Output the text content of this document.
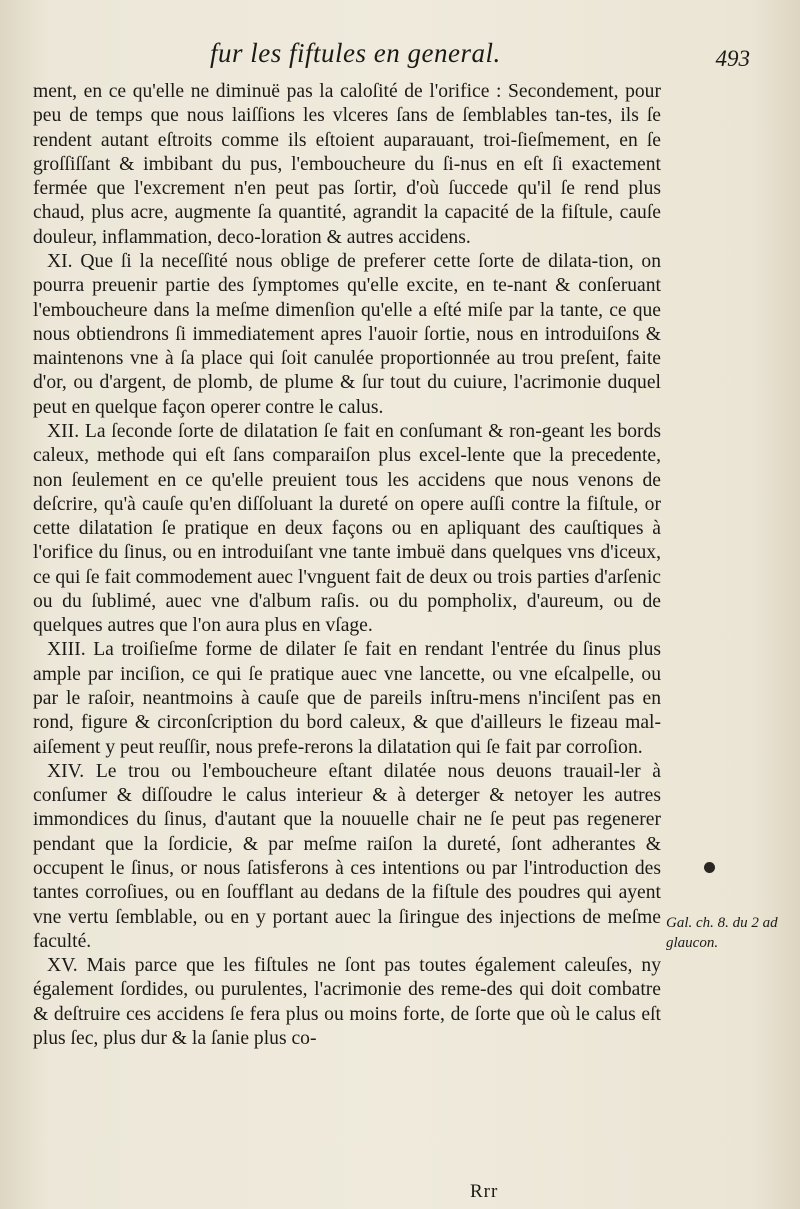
fur les fiftules en general.	493

ment, en ce qu'elle ne diminuë pas la caloſité de l'orifice : Secondement, pour peu de temps que nous laiſſions les vlceres ſans de ſemblables tan-tes, ils ſe rendent autant eſtroits comme ils eſtoient auparauant, troi-ſieſmement, en ſe groſſiſſant & imbibant du pus, l'emboucheure du ſi-nus en eſt ſi exactement fermée que l'excrement n'en peut pas ſortir, d'où ſuccede qu'il ſe rend plus chaud, plus acre, augmente ſa quantité, agrandit la capacité de la fiſtule, cauſe douleur, inflammation, deco-loration & autres accidens.

XI. Que ſi la neceſſité nous oblige de preferer cette ſorte de dilata-tion, on pourra preuenir partie des ſymptomes qu'elle excite, en te-nant & conſeruant l'emboucheure dans la meſme dimenſion qu'elle a eſté miſe par la tante, ce que nous obtiendrons ſi immediatement apres l'auoir ſortie, nous en introduiſons & maintenons vne à ſa place qui ſoit canulée proportionnée au trou preſent, faite d'or, ou d'argent, de plomb, de plume & ſur tout du cuiure, l'acrimonie duquel peut en quelque façon operer contre le calus.

XII. La ſeconde ſorte de dilatation ſe fait en conſumant & ron-geant les bords caleux, methode qui eſt ſans comparaiſon plus excel-lente que la precedente, non ſeulement en ce qu'elle preuient tous les accidens que nous venons de deſcrire, qu'à cauſe qu'en diſſoluant la dureté on opere auſſi contre la fiſtule, or cette dilatation ſe pratique en deux façons ou en apliquant des cauſtiques à l'orifice du ſinus, ou en introduiſant vne tante imbuë dans quelques vns d'iceux, ce qui ſe fait commodement auec l'vnguent fait de deux ou trois parties d'arſenic ou du ſublimé, auec vne d'album raſis. ou du pompholix, d'aureum, ou de quelques autres que l'on aura plus en vſage.

XIII. La troiſieſme forme de dilater ſe fait en rendant l'entrée du ſinus plus ample par inciſion, ce qui ſe pratique auec vne lancette, ou vne eſcalpelle, ou par le raſoir, neantmoins à cauſe que de pareils inſtru-mens n'inciſent pas en rond, figure & circonſcription du bord caleux, & que d'ailleurs le fizeau mal-aiſement y peut reuſſir, nous prefe-rerons la dilatation qui ſe fait par corroſion.

XIV. Le trou ou l'emboucheure eſtant dilatée nous deuons trauail-ler à conſumer & diſſoudre le calus interieur & à deterger & netoyer les autres immondices du ſinus, d'autant que la nouuelle chair ne ſe peut pas regenerer pendant que la ſordicie, & par meſme raiſon la dureté, ſont adherantes & occupent le ſinus, or nous ſatisferons à ces intentions ou par l'introduction des tantes corroſiues, ou en ſoufflant au dedans de la fiſtule des poudres qui ayent vne vertu ſemblable, ou en y portant auec la ſiringue des injections de meſme faculté.

XV. Mais parce que les fiſtules ne ſont pas toutes également caleuſes, ny également ſordides, ou purulentes, l'acrimonie des reme-des qui doit combatre & deſtruire ces accidens ſe fera plus ou moins forte, de ſorte que où le calus eſt plus ſec, plus dur & la ſanie plus co-

Gal. ch. 8. du 2 ad glaucon.
Rrr
